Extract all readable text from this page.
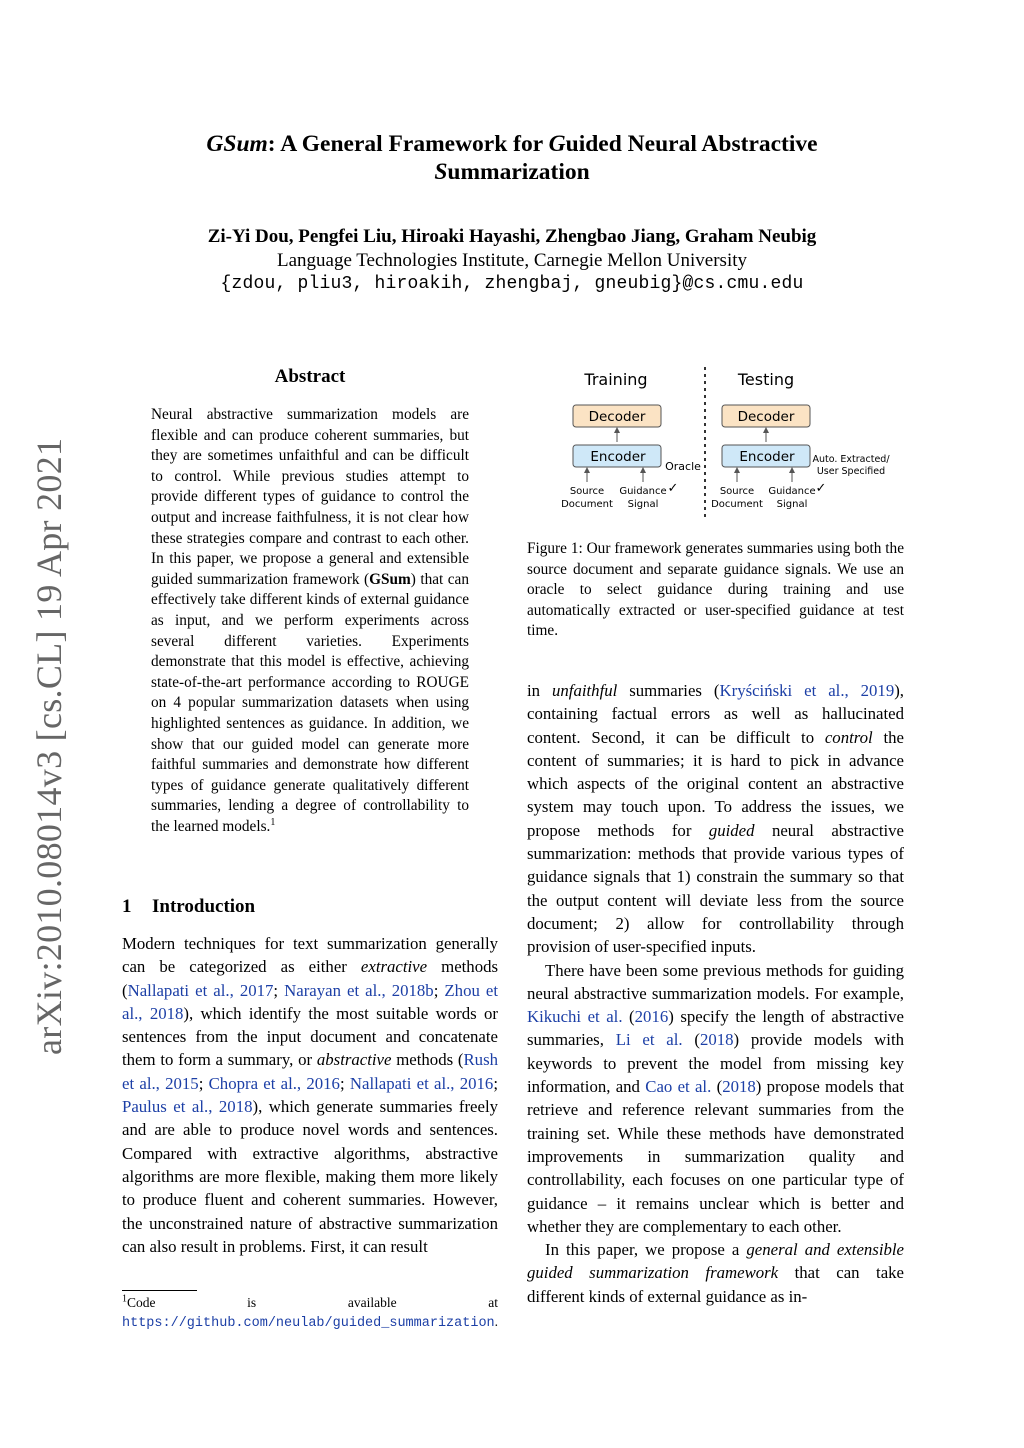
GSum: A General Framework for Guided Neural Abstractive
Summarization
Zi-Yi Dou, Pengfei Liu, Hiroaki Hayashi, Zhengbao Jiang, Graham Neubig
Language Technologies Institute, Carnegie Mellon University
{zdou, pliu3, hiroakih, zhengbaj, gneubig}@cs.cmu.edu
arXiv:2010.08014v3 [cs.CL] 19 Apr 2021
Abstract
Neural abstractive summarization models are flexible and can produce coherent summaries, but they are sometimes unfaithful and can be difficult to control. While previous studies attempt to provide different types of guidance to control the output and increase faithfulness, it is not clear how these strategies compare and contrast to each other. In this paper, we propose a general and extensible guided summarization framework (GSum) that can effectively take different kinds of external guidance as input, and we perform experiments across several different varieties. Experiments demonstrate that this model is effective, achieving state-of-the-art performance according to ROUGE on 4 popular summarization datasets when using highlighted sentences as guidance. In addition, we show that our guided model can generate more faithful summaries and demonstrate how different types of guidance generate qualitatively different summaries, lending a degree of controllability to the learned models.$^1$
Training	Testing
Decoder
Encoder
Source
Document
Guidance
Signal
Oracle
✓
Decoder
Encoder
Source
Document
Guidance
Signal
Auto. Extracted/
User Specified
✓
Figure 1: Our framework generates summaries using both the source document and separate guidance signals. We use an oracle to select guidance during training and use automatically extracted or user-specified guidance at test time.
1 Introduction
Modern techniques for text summarization generally can be categorized as either extractive methods (Nallapati et al., 2017; Narayan et al., 2018b; Zhou et al., 2018), which identify the most suitable words or sentences from the input document and concatenate them to form a summary, or abstractive methods (Rush et al., 2015; Chopra et al., 2016; Nallapati et al., 2016; Paulus et al., 2018), which generate summaries freely and are able to produce novel words and sentences. Compared with extractive algorithms, abstractive algorithms are more flexible, making them more likely to produce fluent and coherent summaries. However, the unconstrained nature of abstractive summarization can also result in problems. First, it can result
$^1$Code is available at https://github.com/neulab/guided_summarization.

in unfaithful summaries (Kryściński et al., 2019), containing factual errors as well as hallucinated content. Second, it can be difficult to control the content of summaries; it is hard to pick in advance which aspects of the original content an abstractive system may touch upon. To address the issues, we propose methods for guided neural abstractive summarization: methods that provide various types of guidance signals that 1) constrain the summary so that the output content will deviate less from the source document; 2) allow for controllability through provision of user-specified inputs.

There have been some previous methods for guiding neural abstractive summarization models. For example, Kikuchi et al. (2016) specify the length of abstractive summaries, Li et al. (2018) provide models with keywords to prevent the model from missing key information, and Cao et al. (2018) propose models that retrieve and reference relevant summaries from the training set. While these methods have demonstrated improvements in summarization quality and controllability, each focuses on one particular type of guidance – it remains unclear which is better and whether they are complementary to each other.

In this paper, we propose a general and extensible guided summarization framework that can take different kinds of external guidance as in-
